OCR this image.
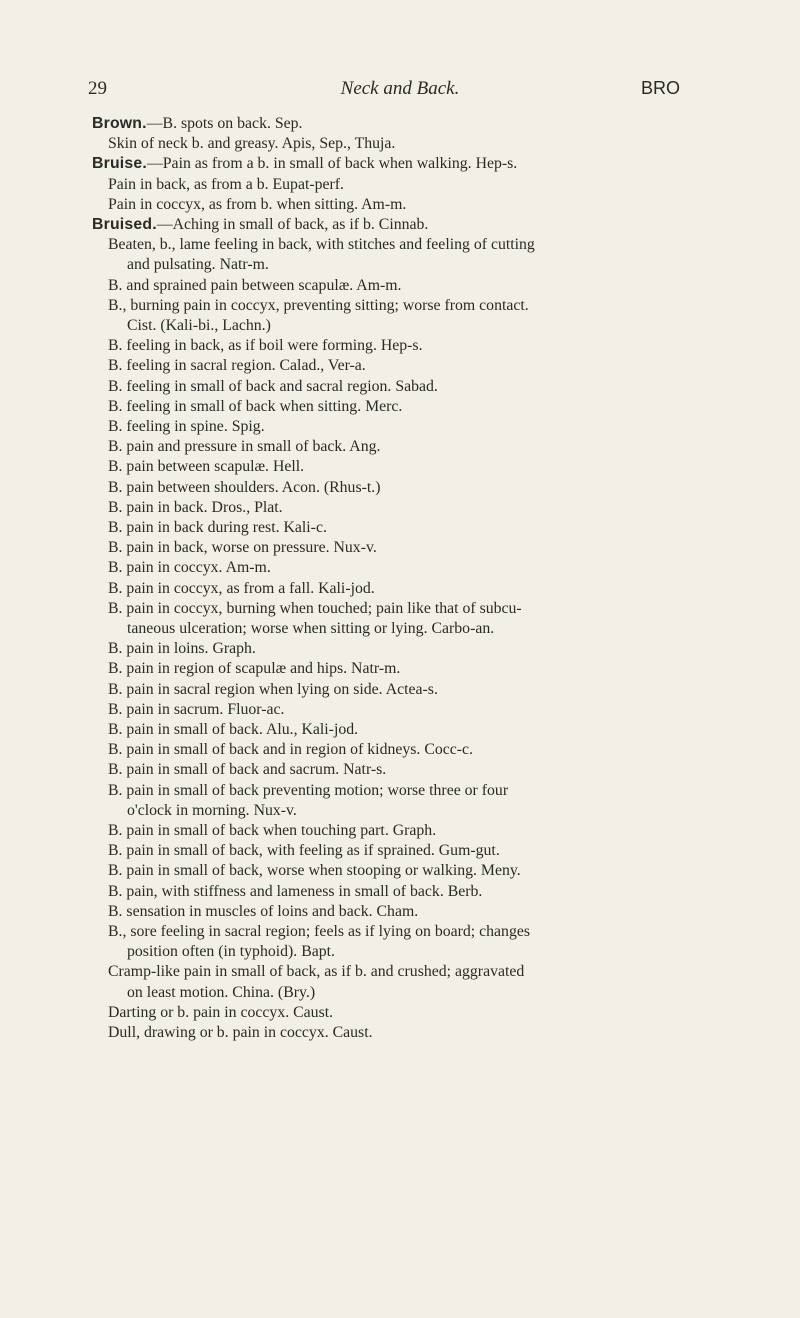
29	Neck and Back.	BRO
Brown.—B. spots on back. Sep.
Skin of neck b. and greasy. Apis, Sep., Thuja.
Bruise.—Pain as from a b. in small of back when walking. Hep-s.
Pain in back, as from a b. Eupat-perf.
Pain in coccyx, as from b. when sitting. Am-m.
Bruised.—Aching in small of back, as if b. Cinnab.
Beaten, b., lame feeling in back, with stitches and feeling of cutting
and pulsating. Natr-m.
B. and sprained pain between scapulæ. Am-m.
B., burning pain in coccyx, preventing sitting; worse from contact.
Cist. (Kali-bi., Lachn.)
B. feeling in back, as if boil were forming. Hep-s.
B. feeling in sacral region. Calad., Ver-a.
B. feeling in small of back and sacral region. Sabad.
B. feeling in small of back when sitting. Merc.
B. feeling in spine. Spig.
B. pain and pressure in small of back. Ang.
B. pain between scapulæ. Hell.
B. pain between shoulders. Acon. (Rhus-t.)
B. pain in back. Dros., Plat.
B. pain in back during rest. Kali-c.
B. pain in back, worse on pressure. Nux-v.
B. pain in coccyx. Am-m.
B. pain in coccyx, as from a fall. Kali-jod.
B. pain in coccyx, burning when touched; pain like that of subcu-
taneous ulceration; worse when sitting or lying. Carbo-an.
B. pain in loins. Graph.
B. pain in region of scapulæ and hips. Natr-m.
B. pain in sacral region when lying on side. Actea-s.
B. pain in sacrum. Fluor-ac.
B. pain in small of back. Alu., Kali-jod.
B. pain in small of back and in region of kidneys. Cocc-c.
B. pain in small of back and sacrum. Natr-s.
B. pain in small of back preventing motion; worse three or four
o'clock in morning. Nux-v.
B. pain in small of back when touching part. Graph.
B. pain in small of back, with feeling as if sprained. Gum-gut.
B. pain in small of back, worse when stooping or walking. Meny.
B. pain, with stiffness and lameness in small of back. Berb.
B. sensation in muscles of loins and back. Cham.
B., sore feeling in sacral region; feels as if lying on board; changes
position often (in typhoid). Bapt.
Cramp-like pain in small of back, as if b. and crushed; aggravated
on least motion. China. (Bry.)
Darting or b. pain in coccyx. Caust.
Dull, drawing or b. pain in coccyx. Caust.
